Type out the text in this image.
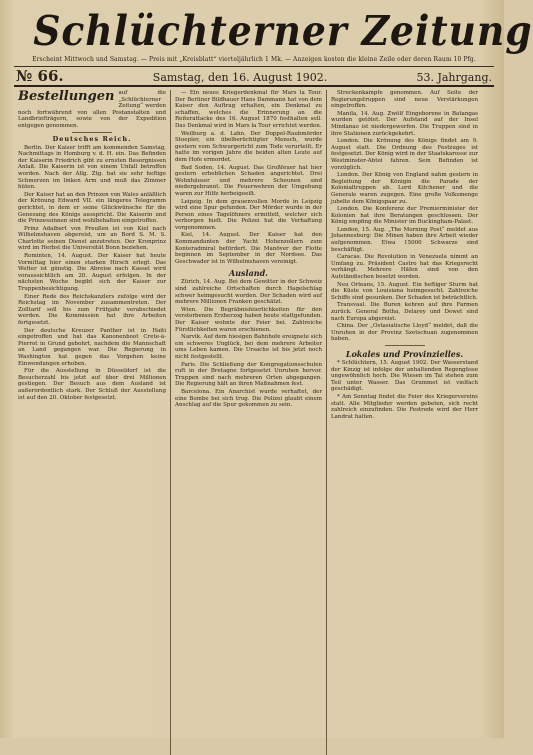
Schlüchterner Zeitung
Erscheint Mittwoch und Samstag. — Preis mit „Kreisblatt“ vierteljährlich 1 Mk. — Anzeigen kosten die kleine Zeile oder deren Raum 10 Pfg.
№ 66.	Samstag, den 16. August 1902.	53. Jahrgang.
Bestellungen auf die „Schlüchterner Zeitung“ werden noch fortwährend von allen Postanstalten und Landbriefträgern, sowie von der Expedition entgegen genommen.
Deutsches Reich.

Berlin. Der Kaiser trifft am kommenden Samstag, Nachmittags in Homburg v. d. H. ein. Das Befinden der Kaiserin Friedrich gibt zu ernsten Besorgnissen Anlaß. Die Kaiserin ist von einem Unfall betroffen worden. Nach der Allg. Ztg. hat sie sehr heftige Schmerzen im linken Arm und muß das Zimmer hüten.

Der Kaiser hat an den Prinzen von Wales anläßlich der Krönung Edward VII. ein längeres Telegramm gerichtet, in dem er seine Glückwünsche für die Genesung des Königs ausspricht. Die Kaiserin und die Prinzessinnen sind wohlbehalten eingetroffen.

Prinz Adalbert von Preußen ist von Kiel nach Wilhelmshaven abgereist, um an Bord S. M. S. Charlotte seinen Dienst anzutreten. Der Kronprinz wird im Herbst die Universität Bonn beziehen.

Rominten, 14. August. Der Kaiser hat heute Vormittag hier einen starken Hirsch erlegt. Das Wetter ist günstig. Die Abreise nach Kassel wird voraussichtlich am 20. August erfolgen. In der nächsten Woche begibt sich der Kaiser zur Truppenbesichtigung.

Einer Rede des Reichskanzlers zufolge wird der Reichstag im November zusammentreten. Der Zolltarif soll bis zum Frühjahr verabschiedet werden. Die Kommission hat ihre Arbeiten fortgesetzt.

Der deutsche Kreuzer Panther ist in Haiti eingetroffen und hat das Kanonenboot Crete-à-Pierrot in Grund gebohrt, nachdem die Mannschaft an Land gegangen war. Die Regierung in Washington hat gegen das Vorgehen keine Einwendungen erhoben.

Für die Ausstellung in Düsseldorf ist die Besucherzahl bis jetzt auf über drei Millionen gestiegen. Der Besuch aus dem Ausland ist außerordentlich stark. Der Schluß der Ausstellung ist auf den 20. Oktober festgesetzt.

— Ein neues Kriegerdenkmal für Mars la Tour. Der Berliner Bildhauer Hans Dammann hat von dem Kaiser den Auftrag erhalten, ein Denkmal zu schaffen, welches die Erinnerung an die Reiterattacke des 16. August 1870 festhalten soll. Das Denkmal wird in Mars la Tour errichtet werden.

Weilburg a. d. Lahn. Der Doppel-Raubmörder Stoepler, ein übelberüchtigter Mensch, wurde gestern vom Schwurgericht zum Tode verurteilt. Er hatte im vorigen Jahre die beiden alten Leute auf dem Hofe ermordet.

Bad Soden, 14. August. Das Großfeuer hat hier gestern erheblichen Schaden angerichtet. Drei Wohnhäuser und mehrere Scheunen sind niedergebrannt. Die Feuerwehren der Umgebung waren zur Hilfe herbeigeeilt.

Leipzig. In dem grauenvollen Morde in Leipzig wird eine Spur gefunden. Der Mörder wurde in der Person eines Tagelöhners ermittelt, welcher sich verborgen hielt. Die Polizei hat die Verhaftung vorgenommen.

Kiel, 14. August. Der Kaiser hat den Kommandanten der Yacht Hohenzollern zum Konteradmiral befördert. Die Manöver der Flotte beginnen im September in der Nordsee. Das Geschwader ist in Wilhelmshaven vereinigt.

Ausland.

Zürich, 14. Aug. Bei dem Gewitter in der Schweiz sind zahlreiche Ortschaften durch Hagelschlag schwer heimgesucht worden. Der Schaden wird auf mehrere Millionen Franken geschätzt.

Wien. Die Begräbnisfeierlichkeiten für den verstorbenen Erzherzog haben heute stattgefunden. Der Kaiser wohnte der Feier bei. Zahlreiche Fürstlichkeiten waren erschienen.

Narvik. Auf dem hiesigen Bahnhofe ereignete sich ein schweres Unglück, bei dem mehrere Arbeiter ums Leben kamen. Die Ursache ist bis jetzt noch nicht festgestellt.

Paris. Die Schließung der Kongregationsschulen ruft in der Bretagne fortgesetzt Unruhen hervor. Truppen sind nach mehreren Orten abgegangen. Die Regierung hält an ihren Maßnahmen fest.

Barcelona. Ein Anarchist wurde verhaftet, der eine Bombe bei sich trug. Die Polizei glaubt einem Anschlag auf die Spur gekommen zu sein.

Streckenkampfe genommen. Auf Seite der Regierungstruppen sind neue Verstärkungen eingetroffen.

Manila, 14. Aug. Zwölf Eingeborene in Batangas wurden getötet. Der Aufstand auf der Insel Mindanao ist niedergeworfen. Die Truppen sind in ihre Stationen zurückgekehrt.

London. Die Krönung des Königs findet am 9. August statt. Die Ordnung des Festzuges ist festgesetzt. Der König wird in der Staatskarosse zur Westminster-Abtei fahren. Sein Befinden ist vorzüglich.

London. Der König von England nahm gestern in Begleitung der Königin die Parade der Kolonialtruppen ab. Lord Kitchener und die Generale waren zugegen. Eine große Volksmenge jubelte dem Königspaar zu.

London. Die Konferenz der Premierminister der Kolonien hat ihre Beratungen geschlossen. Der König empfing die Minister im Buckingham-Palast.

London, 15. Aug. „The Morning Post“ meldet aus Johannesburg: Die Minen haben ihre Arbeit wieder aufgenommen. Etwa 15000 Schwarze sind beschäftigt.

Caracas. Die Revolution in Venezuela nimmt an Umfang zu. Präsident Castro hat das Kriegsrecht verhängt. Mehrere Häfen sind von den Aufständischen besetzt worden.

Neu Orleans, 15. August. Ein heftiger Sturm hat die Küste von Louisiana heimgesucht. Zahlreiche Schiffe sind gesunken. Der Schaden ist beträchtlich.

Transvaal. Die Buren kehren auf ihre Farmen zurück. General Botha, Delarey und Dewet sind nach Europa abgereist.

China. Der „Ostasiatische Lloyd“ meldet, daß die Unruhen in der Provinz Szetschuan zugenommen haben.

Lokales und Provinzielles.

* Schlüchtern, 15. August 1902. Der Wasserstand der Kinzig ist infolge der anhaltenden Regengüsse ungewöhnlich hoch. Die Wiesen im Tal stehen zum Teil unter Wasser. Das Grummet ist vielfach geschädigt.

* Am Sonntag findet die Feier des Kriegervereins statt. Alle Mitglieder werden gebeten, sich recht zahlreich einzufinden. Die Festrede wird der Herr Landrat halten.
